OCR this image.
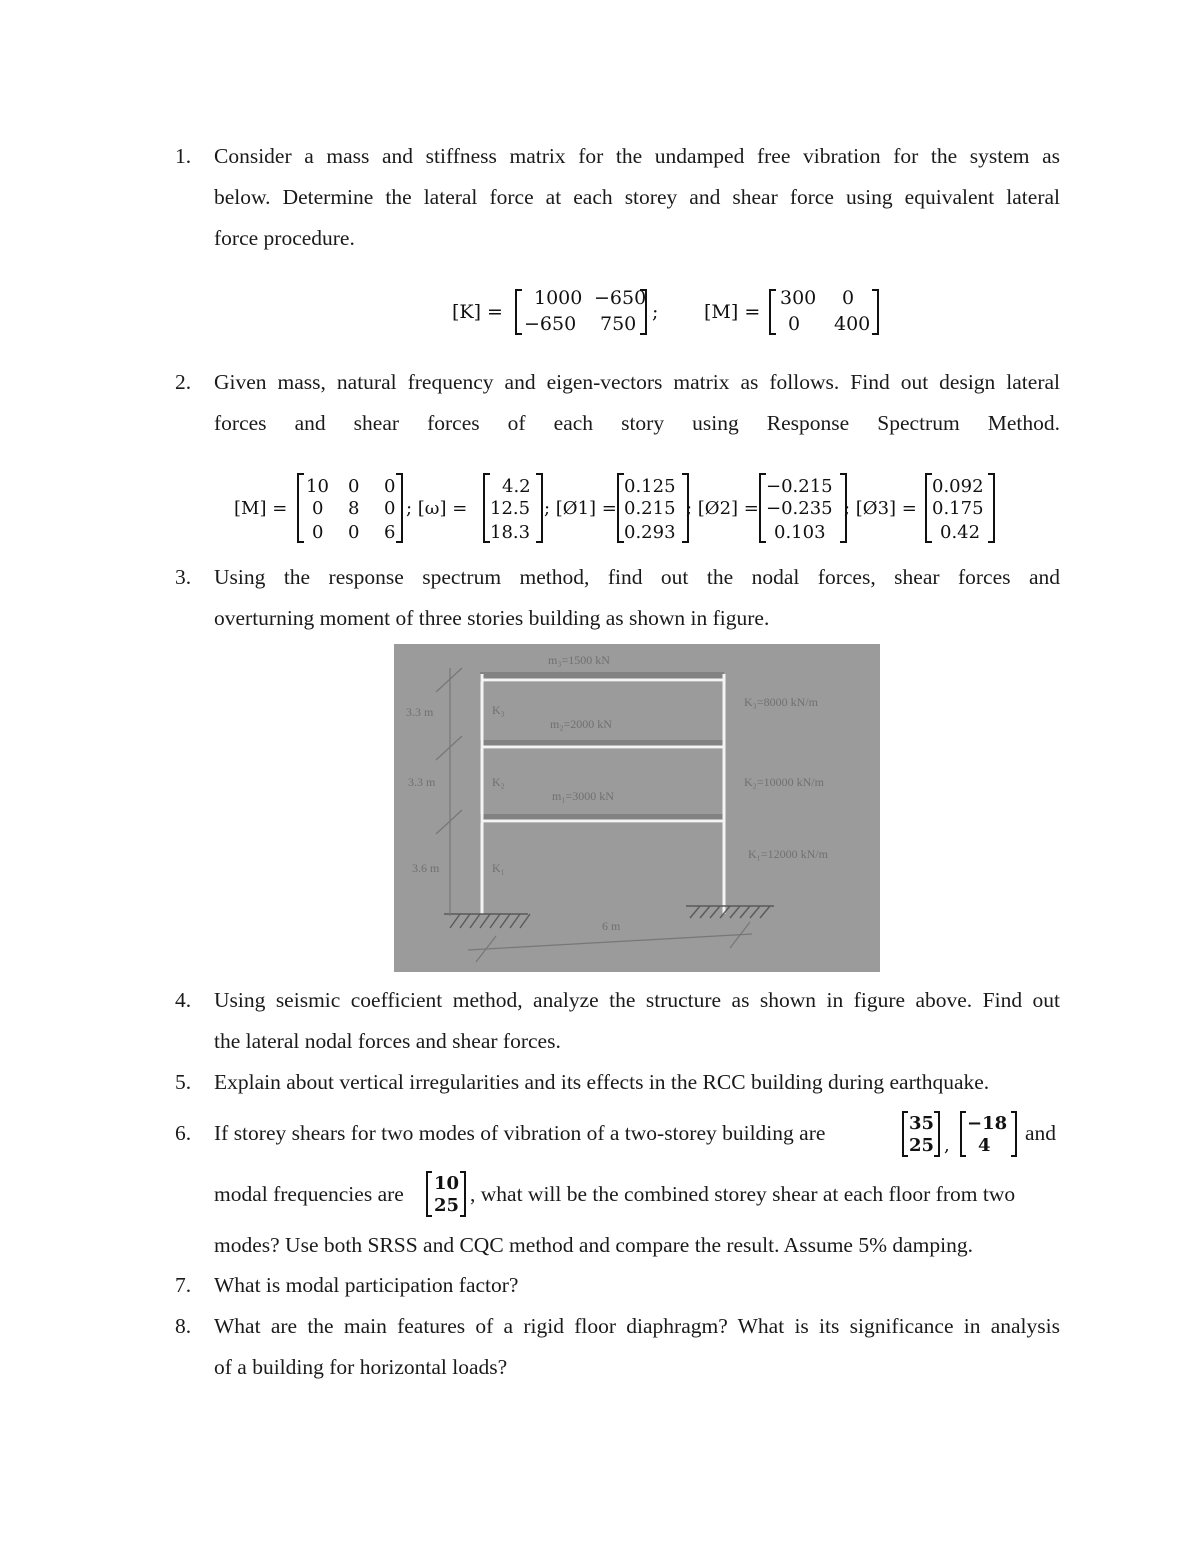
1.	Consider a mass and stiffness matrix for the undamped free vibration for the system as
below. Determine the lateral force at each storey and shear force using equivalent lateral
force procedure.
[K] =
1000 −650
−650 750
; [M] =
300 0
0 400
2.	Given mass, natural frequency and eigen-vectors matrix as follows. Find out design lateral
forces and shear forces of each story using Response Spectrum Method.
[M] =
10 0 0
0 8 0
0 0 6
; [ω] =
4.2
12.5
18.3
; [Ø1] =
0.125
0.215
0.293
; [Ø2] =
−0.215
−0.235
0.103
; [Ø3] =
0.092
0.175
0.42
3.	Using the response spectrum method, find out the nodal forces, shear forces and
overturning moment of three stories building as shown in figure.
m₃=1500 kN
m₂=2000 kN
m₁=3000 kN
K₃
K₂
K₁
K₃=8000 kN/m
K₂=10000 kN/m
K₁=12000 kN/m
3.3 m
3.3 m
3.6 m
6 m
4.	Using seismic coefficient method, analyze the structure as shown in figure above. Find out
the lateral nodal forces and shear forces.
5.	Explain about vertical irregularities and its effects in the RCC building during earthquake.
6.	If storey shears for two modes of vibration of a two-storey building are	and
35
25 ,
−18
4
modal frequencies are	, what will be the combined storey shear at each floor from two
10
25
modes? Use both SRSS and CQC method and compare the result. Assume 5% damping.
7.	What is modal participation factor?
8.	What are the main features of a rigid floor diaphragm? What is its significance in analysis
of a building for horizontal loads?
